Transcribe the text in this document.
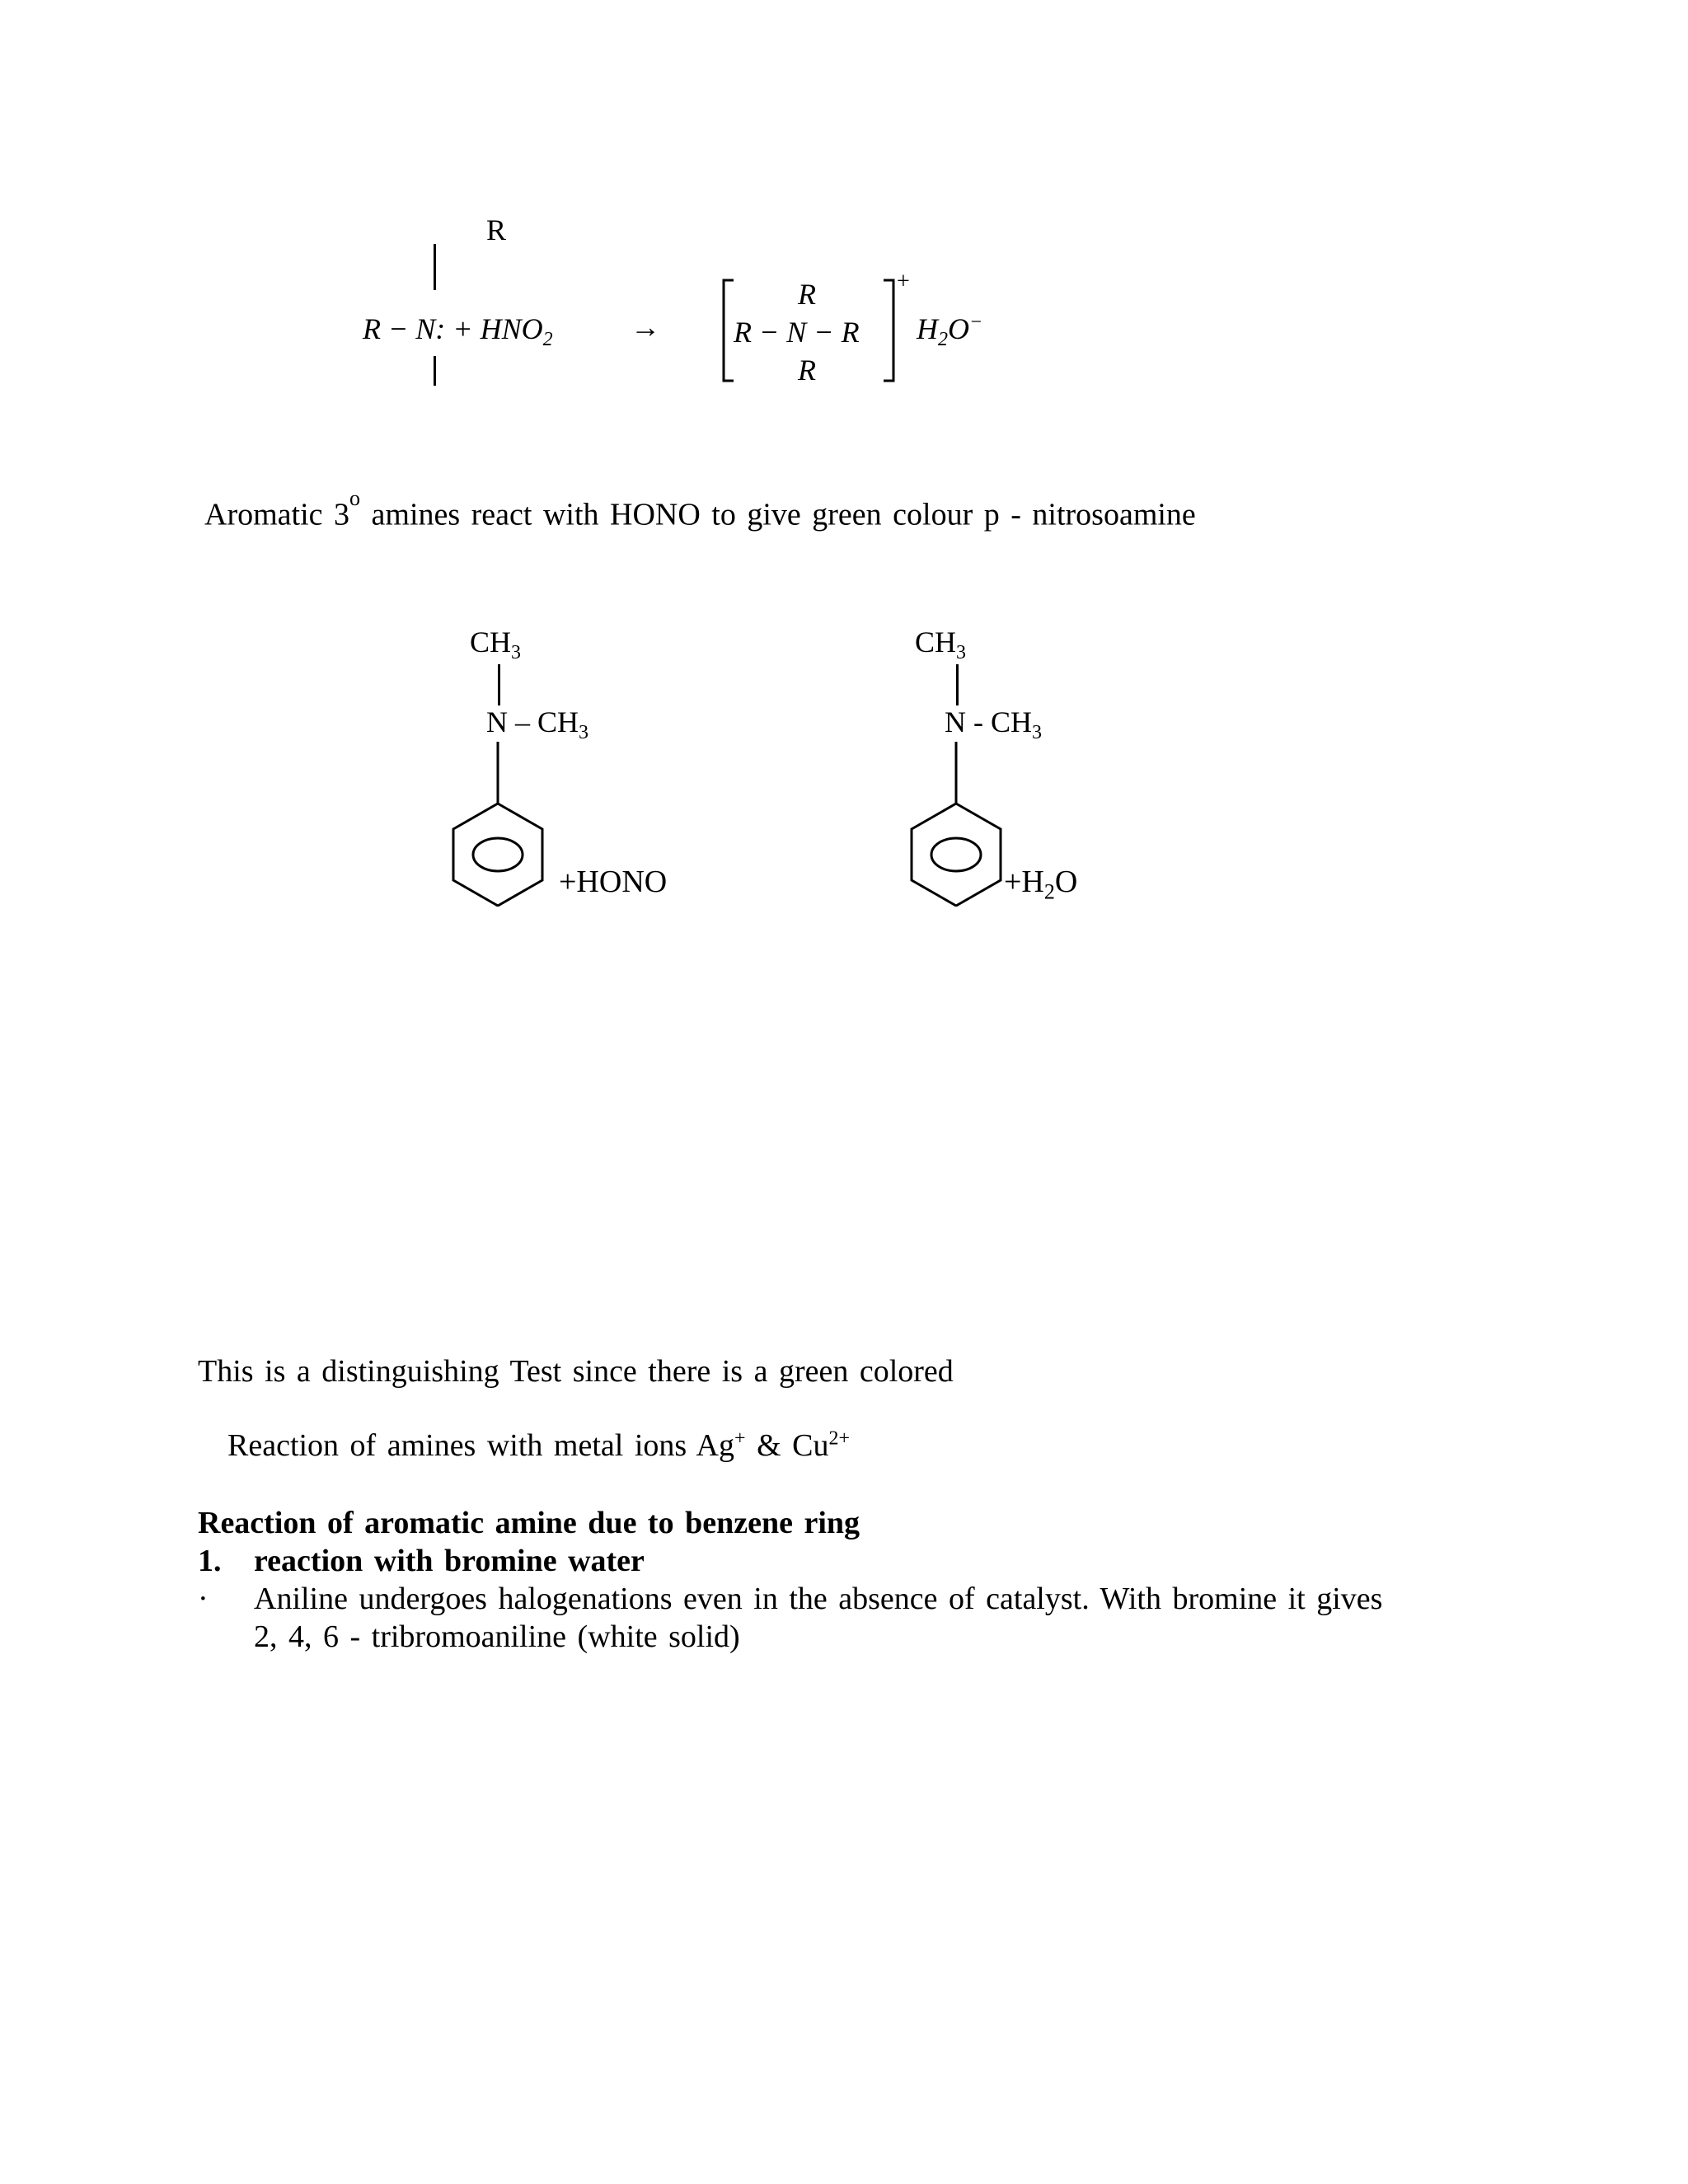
R
R − N: + $HNO_2$	→
R
R − N − R
R
+
$H_2O^-$
Aromatic 3$^o$ amines react with HONO to give green colour p - nitrosoamine
$CH_3$
N – $CH_3$
+HONO
$CH_3$
N - $CH_3$
$+H_2O$
This is a distinguishing Test since there is a green colored
Reaction of amines with metal ions Ag+ & $Cu^{2+}$
Reaction of aromatic amine due to benzene ring
1. reaction with bromine water
· Aniline undergoes halogenations even in the absence of catalyst. With bromine it gives
2, 4, 6 - tribromoaniline (white solid)
